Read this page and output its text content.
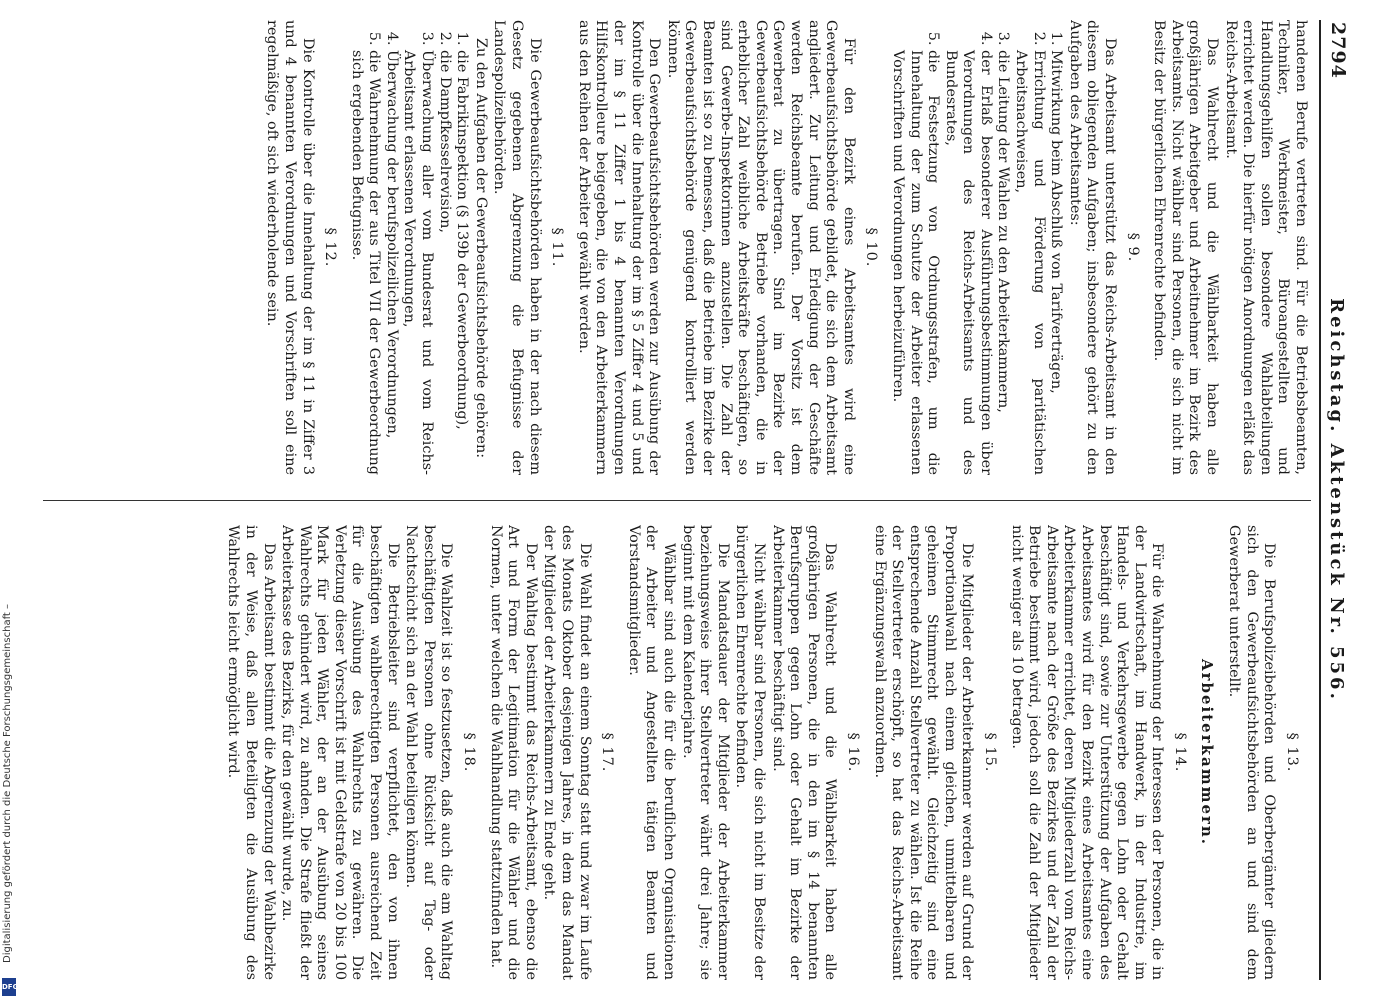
2794
Reichstag. Aktenstück Nr. 556.

handenen Berufe vertreten sind. Für die Betriebsbeamten, Techniker, Werkmeister, Büroangestellten und Handlungsgehilfen sollen besondere Wahlabteilungen errichtet werden. Die hierfür nötigen Anordnungen erläßt das Reichs-Arbeitsamt.

Das Wahlrecht und die Wählbarkeit haben alle großjährigen Arbeitgeber und Arbeitnehmer im Bezirk des Arbeitsamts. Nicht wählbar sind Personen, die sich nicht im Besitz der bürgerlichen Ehrenrechte befinden.

§ 9.

Das Arbeitsamt unterstützt das Reichs-Arbeitsamt in den diesem obliegenden Aufgaben; insbesondere gehört zu den Aufgaben des Arbeitsamtes:

1. Mitwirkung beim Abschluß von Tarifverträgen,
2. Errichtung und Förderung von paritätischen Arbeitsnachweisen,
3. die Leitung der Wahlen zu den Arbeiterkammern,
4. der Erlaß besonderer Ausführungsbestimmungen über Verordnungen des Reichs-Arbeitsamts und des Bundesrates,
5. die Festsetzung von Ordnungsstrafen, um die Innehaltung der zum Schutze der Arbeiter erlassenen Vorschriften und Verordnungen herbeizuführen.
§ 10.

Für den Bezirk eines Arbeitsamtes wird eine Gewerbeaufsichtsbehörde gebildet, die sich dem Arbeitsamt angliedert. Zur Leitung und Erledigung der Geschäfte werden Reichsbeamte berufen. Der Vorsitz ist dem Gewerberat zu übertragen. Sind im Bezirke der Gewerbeaufsichtsbehörde Betriebe vorhanden, die in erheblicher Zahl weibliche Arbeitskräfte beschäftigen, so sind Gewerbe-Inspektorinnen anzustellen. Die Zahl der Beamten ist so zu bemessen, daß die Betriebe im Bezirke der Gewerbeaufsichtsbehörde genügend kontrolliert werden können.

Den Gewerbeaufsichtsbehörden werden zur Ausübung der Kontrolle über die Innehaltung der im § 5 Ziffer 4 und 5 und der im § 11 Ziffer 1 bis 4 benannten Verordnungen Hilfskontrolleure beigegeben, die von den Arbeiterkammern aus den Reihen der Arbeiter gewählt werden.

§ 11.

Die Gewerbeaufsichtsbehörden haben in der nach diesem Gesetz gegebenen Abgrenzung die Befugnisse der Landespolizeibehörden.

Zu den Aufgaben der Gewerbeaufsichtsbehörde gehören:

1. die Fabrikinspektion (§ 139b der Gewerbeordnung),
2. die Dampfkesselrevision,
3. Überwachung aller vom Bundesrat und vom Reichs-Arbeitsamt erlassenen Verordnungen,
4. Überwachung der berufspolizeilichen Verordnungen,
5. die Wahrnehmung der aus Titel VII der Gewerbeordnung sich ergebenden Befugnisse.
§ 12.

Die Kontrolle über die Innehaltung der im § 11 in Ziffer 3 und 4 benannten Verordnungen und Vorschriften soll eine regelmäßige, oft sich wiederholende sein.

§ 13.

Die Berufspolizeibehörden und Oberbergämter gliedern sich den Gewerbeaufsichtsbehörden an und sind dem Gewerberat unterstellt.

Arbeiterkammern.
§ 14.

Für die Wahrnehmung der Interessen der Personen, die in der Landwirtschaft, im Handwerk, in der Industrie, im Handels- und Verkehrsgewerbe gegen Lohn oder Gehalt beschäftigt sind, sowie zur Unterstützung der Aufgaben des Arbeitsamtes wird für den Bezirk eines Arbeitsamtes eine Arbeiterkammer errichtet, deren Mitgliederzahl vom Reichs-Arbeitsamte nach der Größe des Bezirkes und der Zahl der Betriebe bestimmt wird, jedoch soll die Zahl der Mitglieder nicht weniger als 10 betragen.

§ 15.

Die Mitglieder der Arbeiterkammer werden auf Grund der Proportionalwahl nach einem gleichen, unmittelbaren und geheimen Stimmrecht gewählt. Gleichzeitig sind eine entsprechende Anzahl Stellvertreter zu wählen. Ist die Reihe der Stellvertreter erschöpft, so hat das Reichs-Arbeitsamt eine Ergänzungswahl anzuordnen.

§ 16.

Das Wahlrecht und die Wählbarkeit haben alle großjährigen Personen, die in den im § 14 benannten Berufsgruppen gegen Lohn oder Gehalt im Bezirke der Arbeiterkammer beschäftigt sind.

Nicht wählbar sind Personen, die sich nicht im Besitze der bürgerlichen Ehrenrechte befinden.

Die Mandatsdauer der Mitglieder der Arbeiterkammer beziehungsweise ihrer Stellvertreter währt drei Jahre; sie beginnt mit dem Kalenderjahre.

Wählbar sind auch die für die beruflichen Organisationen der Arbeiter und Angestellten tätigen Beamten und Vorstandsmitglieder.

§ 17.

Die Wahl findet an einem Sonntag statt und zwar im Laufe des Monats Oktober desjenigen Jahres, in dem das Mandat der Mitglieder der Arbeiterkammern zu Ende geht.

Der Wahltag bestimmt das Reichs-Arbeitsamt, ebenso die Art und Form der Legitimation für die Wähler und die Normen, unter welchen die Wahlhandlung stattzufinden hat.

§ 18.

Die Wahlzeit ist so festzusetzen, daß auch die am Wahltag beschäftigten Personen ohne Rücksicht auf Tag- oder Nachtschicht sich an der Wahl beteiligen können.

Die Betriebsleiter sind verpflichtet, den von ihnen beschäftigten wahlberechtigten Personen ausreichend Zeit für die Ausübung des Wahlrechts zu gewähren. Die Verletzung dieser Vorschrift ist mit Geldstrafe von 20 bis 100 Mark für jeden Wähler, der an der Ausübung seines Wahlrechts gehindert wird, zu ahnden. Die Strafe fließt der Arbeiterkasse des Bezirks, für den gewählt wurde, zu.

Das Arbeitsamt bestimmt die Abgrenzung der Wahlbezirke in der Weise, daß allen Beteiligten die Ausübung des Wahlrechts leicht ermöglicht wird.

Digitalisierung gefördert durch die Deutsche Forschungsgemeinschaft –
DFG
